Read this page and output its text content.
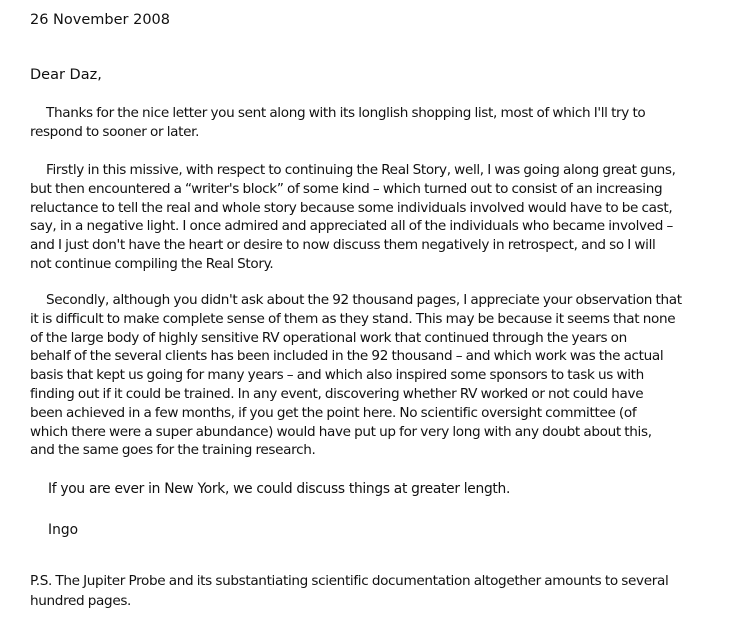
26 November 2008
Dear Daz,

Thanks for the nice letter you sent along with its longlish shopping list, most of which I'll try to
respond to sooner or later.

Firstly in this missive, with respect to continuing the Real Story, well, I was going along great guns,
but then encountered a “writer's block” of some kind – which turned out to consist of an increasing
reluctance to tell the real and whole story because some individuals involved would have to be cast,
say, in a negative light. I once admired and appreciated all of the individuals who became involved –
and I just don't have the heart or desire to now discuss them negatively in retrospect, and so I will
not continue compiling the Real Story.

Secondly, although you didn't ask about the 92 thousand pages, I appreciate your observation that
it is difficult to make complete sense of them as they stand. This may be because it seems that none
of the large body of highly sensitive RV operational work that continued through the years on
behalf of the several clients has been included in the 92 thousand – and which work was the actual
basis that kept us going for many years – and which also inspired some sponsors to task us with
finding out if it could be trained. In any event, discovering whether RV worked or not could have
been achieved in a few months, if you get the point here. No scientific oversight committee (of
which there were a super abundance) would have put up for very long with any doubt about this,
and the same goes for the training research.

If you are ever in New York, we could discuss things at greater length.
Ingo
P.S. The Jupiter Probe and its substantiating scientific documentation altogether amounts to several
hundred pages.
